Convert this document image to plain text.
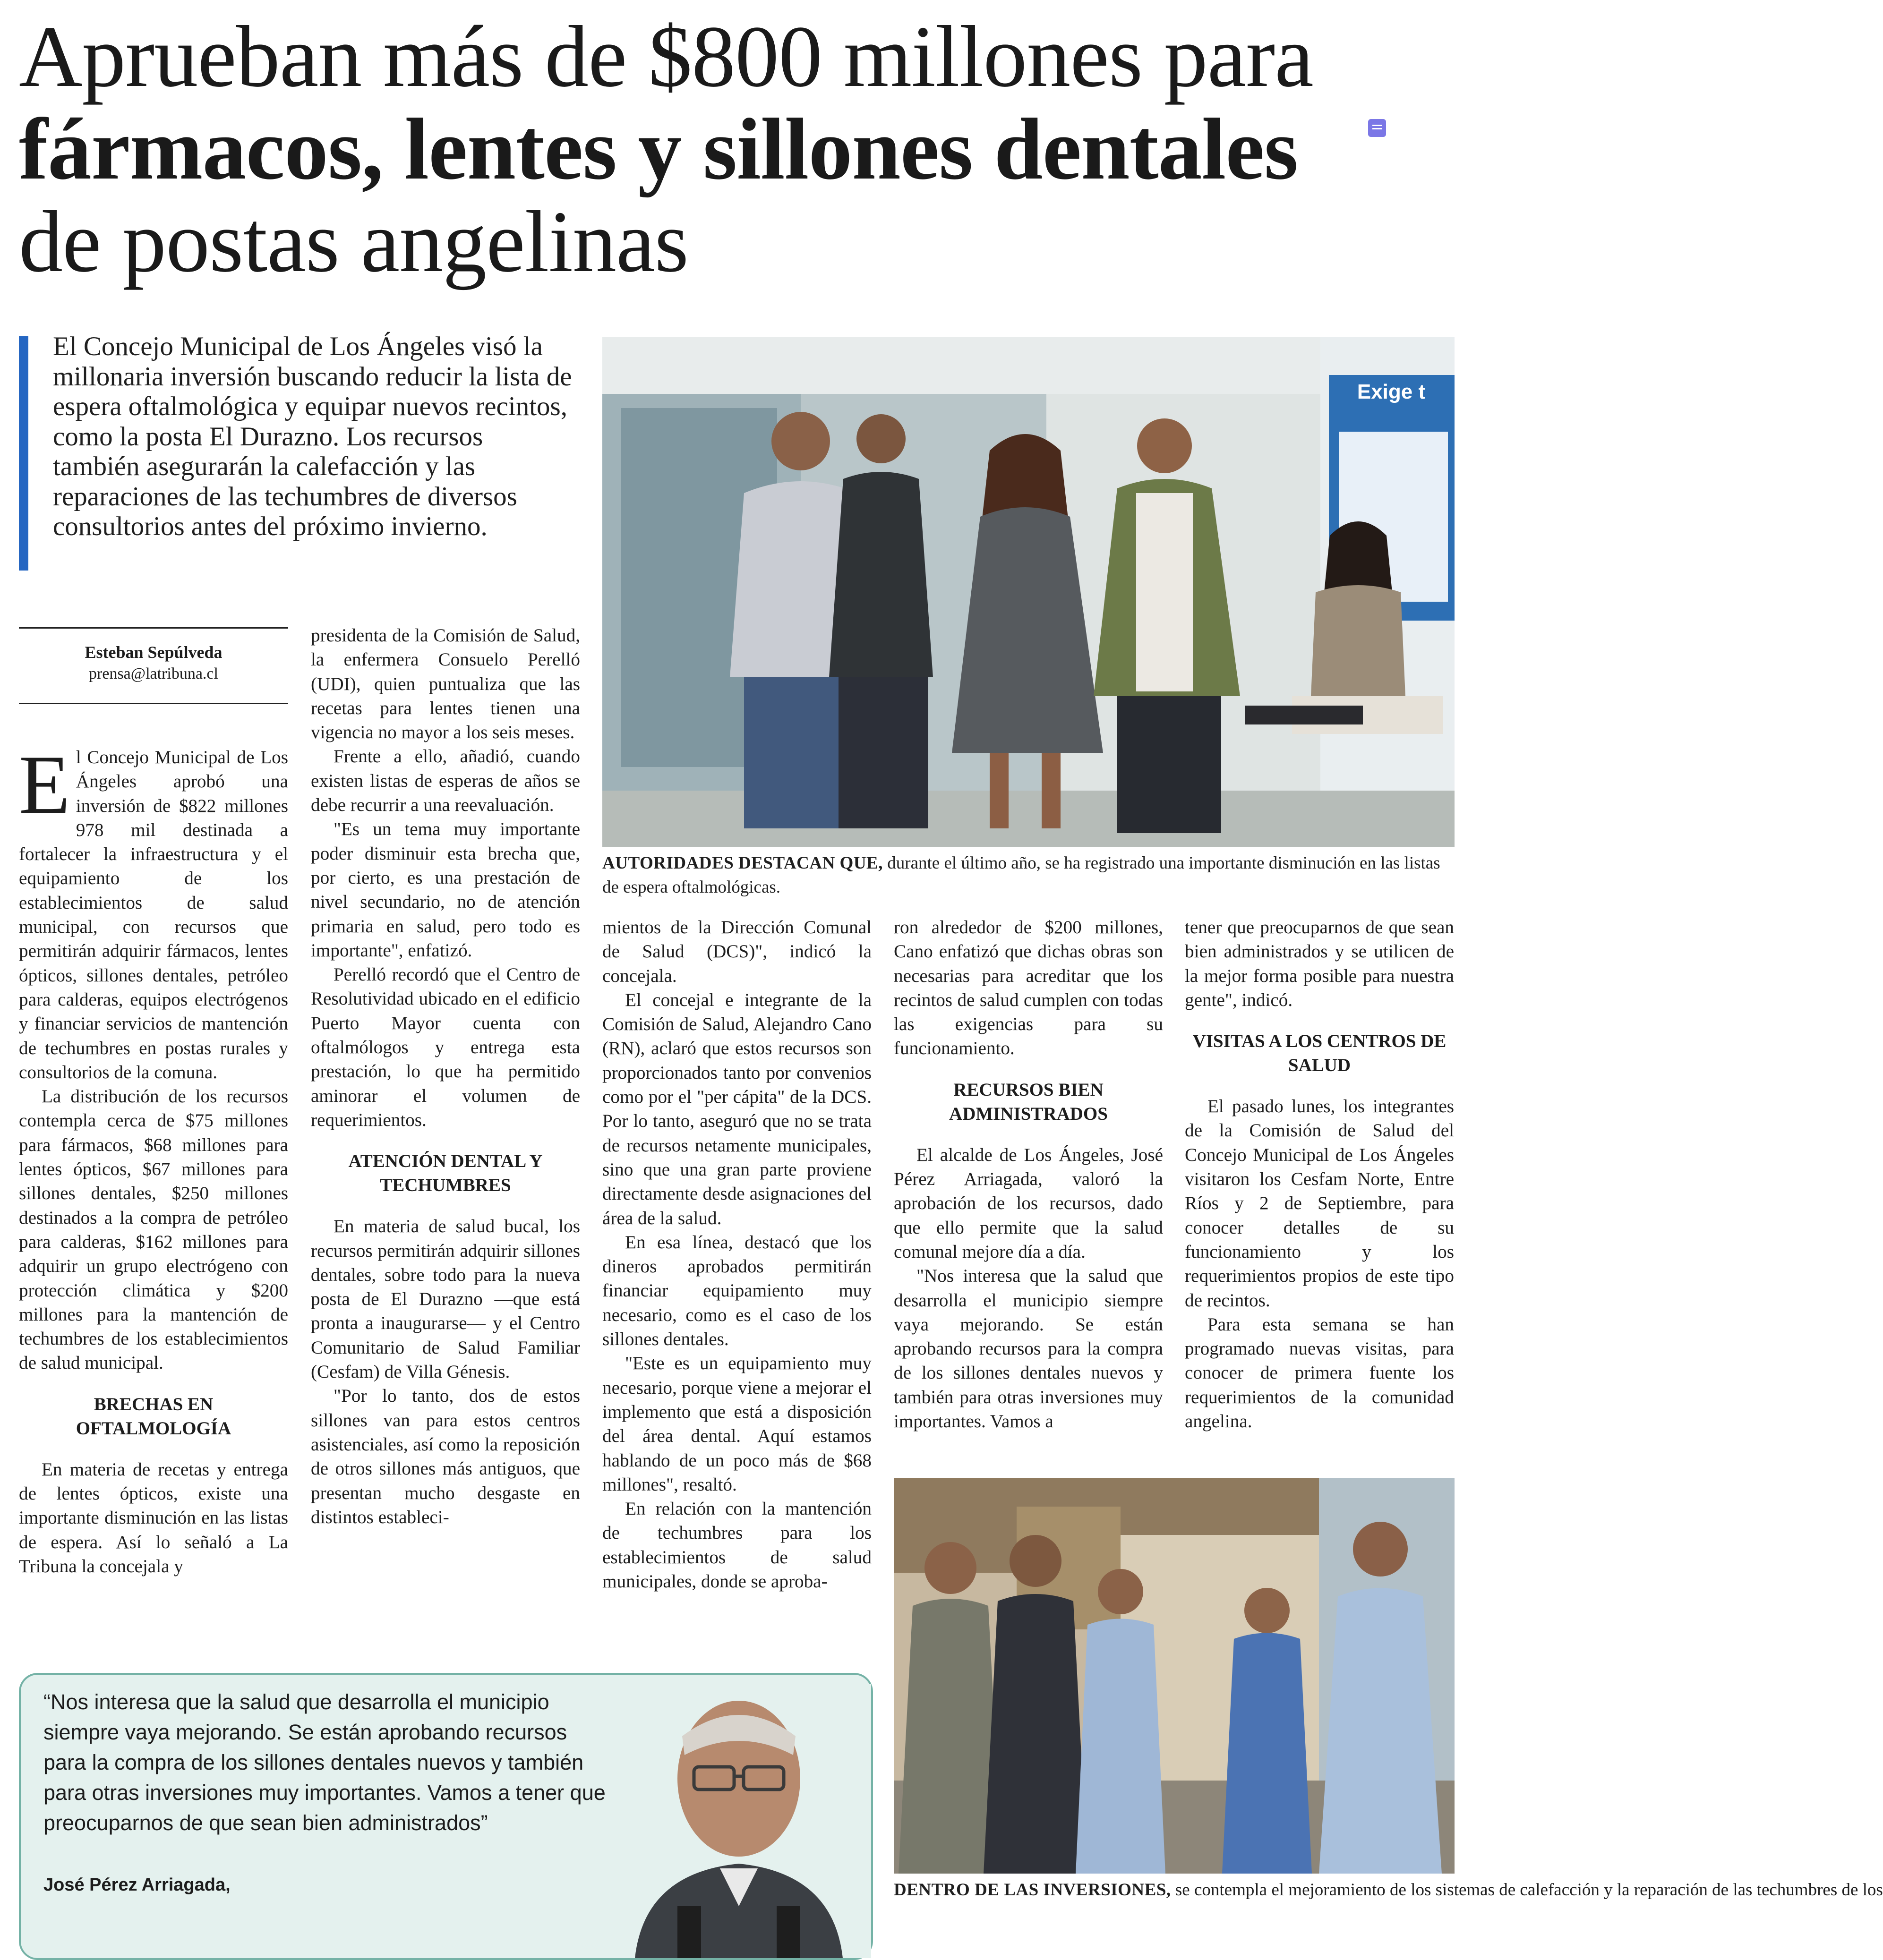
Aprueban más de $800 millones para
fármacos, lentes y sillones dentales
de postas angelinas
El Concejo Municipal de Los Ángeles visó la millonaria inversión buscando reducir la lista de espera oftalmológica y equipar nuevos recintos, como la posta El Durazno. Los recursos también asegurarán la calefacción y las reparaciones de las techumbres de diversos consultorios antes del próximo invierno.
Exige t
AUTORIDADES DESTACAN QUE, durante el último año, se ha registrado una importante disminución en las listas de espera oftalmológicas.
Esteban Sepúlveda
prensa@latribuna.cl

El Concejo Municipal de Los Ángeles aprobó una inversión de $822 millones 978 mil destinada a fortalecer la infraestructura y el equipamiento de los establecimientos de salud municipal, con recursos que permitirán adquirir fármacos, lentes ópticos, sillones dentales, petróleo para calderas, equipos electrógenos y financiar servicios de mantención de techumbres en postas rurales y consultorios de la comuna.

La distribución de los recursos contempla cerca de $75 millones para fármacos, $68 millones para lentes ópticos, $67 millones para sillones dentales, $250 millones destinados a la compra de petróleo para calderas, $162 millones para adquirir un grupo electrógeno con protección climática y $200 millones para la mantención de techumbres de los establecimientos de salud municipal.

BRECHAS EN OFTALMOLOGÍA

En materia de recetas y entrega de lentes ópticos, existe una importante disminución en las listas de espera. Así lo señaló a La Tribuna la concejala y

presidenta de la Comisión de Salud, la enfermera Consuelo Perelló (UDI), quien puntualiza que las recetas para lentes tienen una vigencia no mayor a los seis meses.

Frente a ello, añadió, cuando existen listas de esperas de años se debe recurrir a una reevaluación.

"Es un tema muy importante poder disminuir esta brecha que, por cierto, es una prestación de nivel secundario, no de atención primaria en salud, pero todo es importante", enfatizó.

Perelló recordó que el Centro de Resolutividad ubicado en el edificio Puerto Mayor cuenta con oftalmólogos y entrega esta prestación, lo que ha permitido aminorar el volumen de requerimientos.

ATENCIÓN DENTAL Y TECHUMBRES

En materia de salud bucal, los recursos permitirán adquirir sillones dentales, sobre todo para la nueva posta de El Durazno —que está pronta a inaugurarse— y el Centro Comunitario de Salud Familiar (Cesfam) de Villa Génesis.

"Por lo tanto, dos de estos sillones van para estos centros asistenciales, así como la reposición de otros sillones más antiguos, que presentan mucho desgaste en distintos estableci-

mientos de la Dirección Comunal de Salud (DCS)", indicó la concejala.

El concejal e integrante de la Comisión de Salud, Alejandro Cano (RN), aclaró que estos recursos son proporcionados tanto por convenios como por el "per cápita" de la DCS. Por lo tanto, aseguró que no se trata de recursos netamente municipales, sino que una gran parte proviene directamente desde asignaciones del área de la salud.

En esa línea, destacó que los dineros aprobados permitirán financiar equipamiento muy necesario, como es el caso de los sillones dentales.

"Este es un equipamiento muy necesario, porque viene a mejorar el implemento que está a disposición del área dental. Aquí estamos hablando de un poco más de $68 millones", resaltó.

En relación con la mantención de techumbres para los establecimientos de salud municipales, donde se aproba-

ron alrededor de $200 millones, Cano enfatizó que dichas obras son necesarias para acreditar que los recintos de salud cumplen con todas las exigencias para su funcionamiento.

RECURSOS BIEN ADMINISTRADOS

El alcalde de Los Ángeles, José Pérez Arriagada, valoró la aprobación de los recursos, dado que ello permite que la salud comunal mejore día a día.

"Nos interesa que la salud que desarrolla el municipio siempre vaya mejorando. Se están aprobando recursos para la compra de los sillones dentales nuevos y también para otras inversiones muy importantes. Vamos a

tener que preocuparnos de que sean bien administrados y se utilicen de la mejor forma posible para nuestra gente", indicó.

VISITAS A LOS CENTROS DE SALUD

El pasado lunes, los integrantes de la Comisión de Salud del Concejo Municipal de Los Ángeles visitaron los Cesfam Norte, Entre Ríos y 2 de Septiembre, para conocer detalles de su funcionamiento y los requerimientos propios de este tipo de recintos.

Para esta semana se han programado nuevas visitas, para conocer de primera fuente los requerimientos de la comunidad angelina.

DENTRO DE LAS INVERSIONES, se contempla el mejoramiento de los sistemas de calefacción y la reparación de las techumbres de los
“Nos interesa que la salud que desarrolla el municipio siempre vaya mejorando. Se están aprobando recursos para la compra de los sillones dentales nuevos y también para otras inversiones muy importantes. Vamos a tener que preocuparnos de que sean bien administrados”
José Pérez Arriagada,
